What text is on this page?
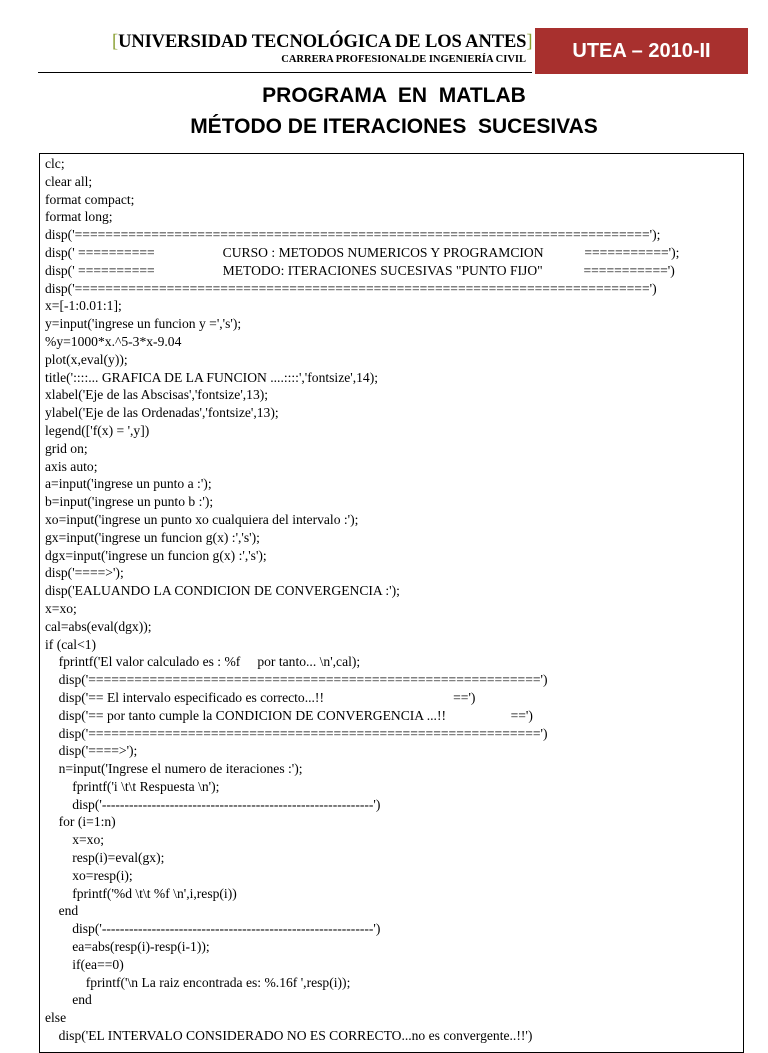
[UNIVERSIDAD TECNOLÓGICA DE LOS ANTES]
CARRERA PROFESIONALDE INGENIERÍA CIVIL	UTEA – 2010-II
PROGRAMA  EN  MATLAB
MÉTODO DE ITERACIONES  SUCESIVAS
clc;
clear all;
format compact;
format long;
disp('===========================================================================');
disp(' ==========                    CURSO : METODOS NUMERICOS Y PROGRAMCION            ===========');
disp(' ==========                    METODO: ITERACIONES SUCESIVAS "PUNTO FIJO"            ===========')
disp('===========================================================================')
x=[-1:0.01:1];
y=input('ingrese un funcion y =','s');
%y=1000*x.^5-3*x-9.04
plot(x,eval(y));
title('::::... GRAFICA DE LA FUNCION ....::::','fontsize',14);
xlabel('Eje de las Abscisas','fontsize',13);
ylabel('Eje de las Ordenadas','fontsize',13);
legend(['f(x) = ',y])
grid on;
axis auto;
a=input('ingrese un punto a :');
b=input('ingrese un punto b :');
xo=input('ingrese un punto xo cualquiera del intervalo :');
gx=input('ingrese un funcion g(x) :','s');
dgx=input('ingrese un funcion g(x) :','s');
disp('====>');
disp('EALUANDO LA CONDICION DE CONVERGENCIA :');
x=xo;
cal=abs(eval(dgx));
if (cal<1)
fprintf('El valor calculado es : %f     por tanto... \n',cal);
disp('===========================================================')
disp('== El intervalo especificado es correcto...!!                                      ==')
disp('== por tanto cumple la CONDICION DE CONVERGENCIA ...!!                   ==')
disp('===========================================================')
disp('====>');
n=input('Ingrese el numero de iteraciones :');
fprintf('i \t\t Respuesta \n');
disp('------------------------------------------------------------')
for (i=1:n)
x=xo;
resp(i)=eval(gx);
xo=resp(i);
fprintf('%d \t\t %f \n',i,resp(i))
end
disp('------------------------------------------------------------')
ea=abs(resp(i)-resp(i-1));
if(ea==0)
fprintf('\n La raiz encontrada es: %.16f ',resp(i));
end
else
disp('EL INTERVALO CONSIDERADO NO ES CORRECTO...no es convergente..!!')
